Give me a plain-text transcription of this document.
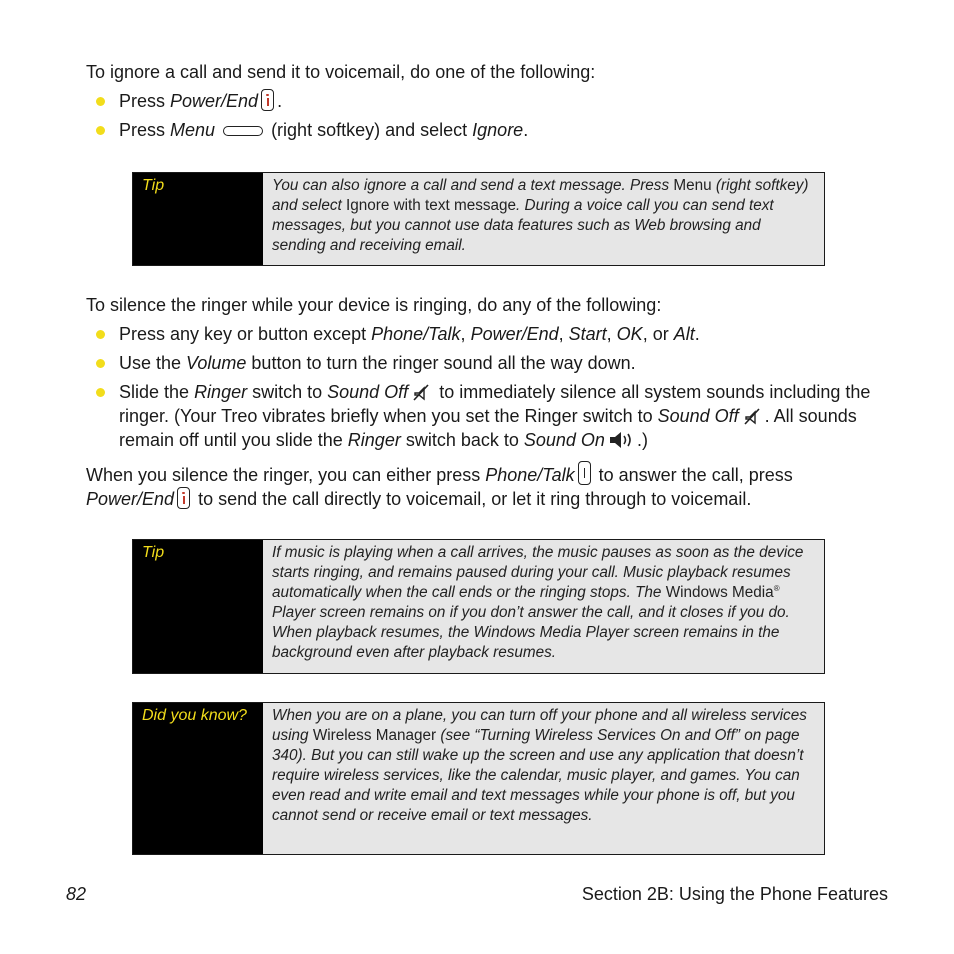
To ignore a call and send it to voicemail, do one of the following:

Press Power/End .
Press Menu	(right softkey) and select Ignore.
Tip	You can also ignore a call and send a text message. Press Menu (right softkey) and select Ignore with text message. During a voice call you can send text messages, but you cannot use data features such as Web browsing and sending and receiving email.

To silence the ringer while your device is ringing, do any of the following:

Press any key or button except Phone/Talk, Power/End, Start, OK, or Alt.
Use the Volume button to turn the ringer sound all the way down.
Slide the Ringer switch to Sound Off to immediately silence all system sounds including the ringer. (Your Treo vibrates briefly when you set the Ringer switch to Sound Off . All sounds remain off until you slide the Ringer switch back to Sound On .)

When you silence the ringer, you can either press Phone/Talk to answer the call, press Power/End to send the call directly to voicemail, or let it ring through to voicemail.

Tip	If music is playing when a call arrives, the music pauses as soon as the device starts ringing, and remains paused during your call. Music playback resumes automatically when the call ends or the ringing stops. The Windows Media® Player screen remains on if you don’t answer the call, and it closes if you do. When playback resumes, the Windows Media Player screen remains in the background even after playback resumes.
Did you know? When you are on a plane, you can turn off your phone and all wireless services using Wireless Manager (see “Turning Wireless Services On and Off” on page 340). But you can still wake up the screen and use any application that doesn’t require wireless services, like the calendar, music player, and games. You can even read and write email and text messages while your phone is off, but you cannot send or receive email or text messages.
82	Section 2B: Using the Phone Features
